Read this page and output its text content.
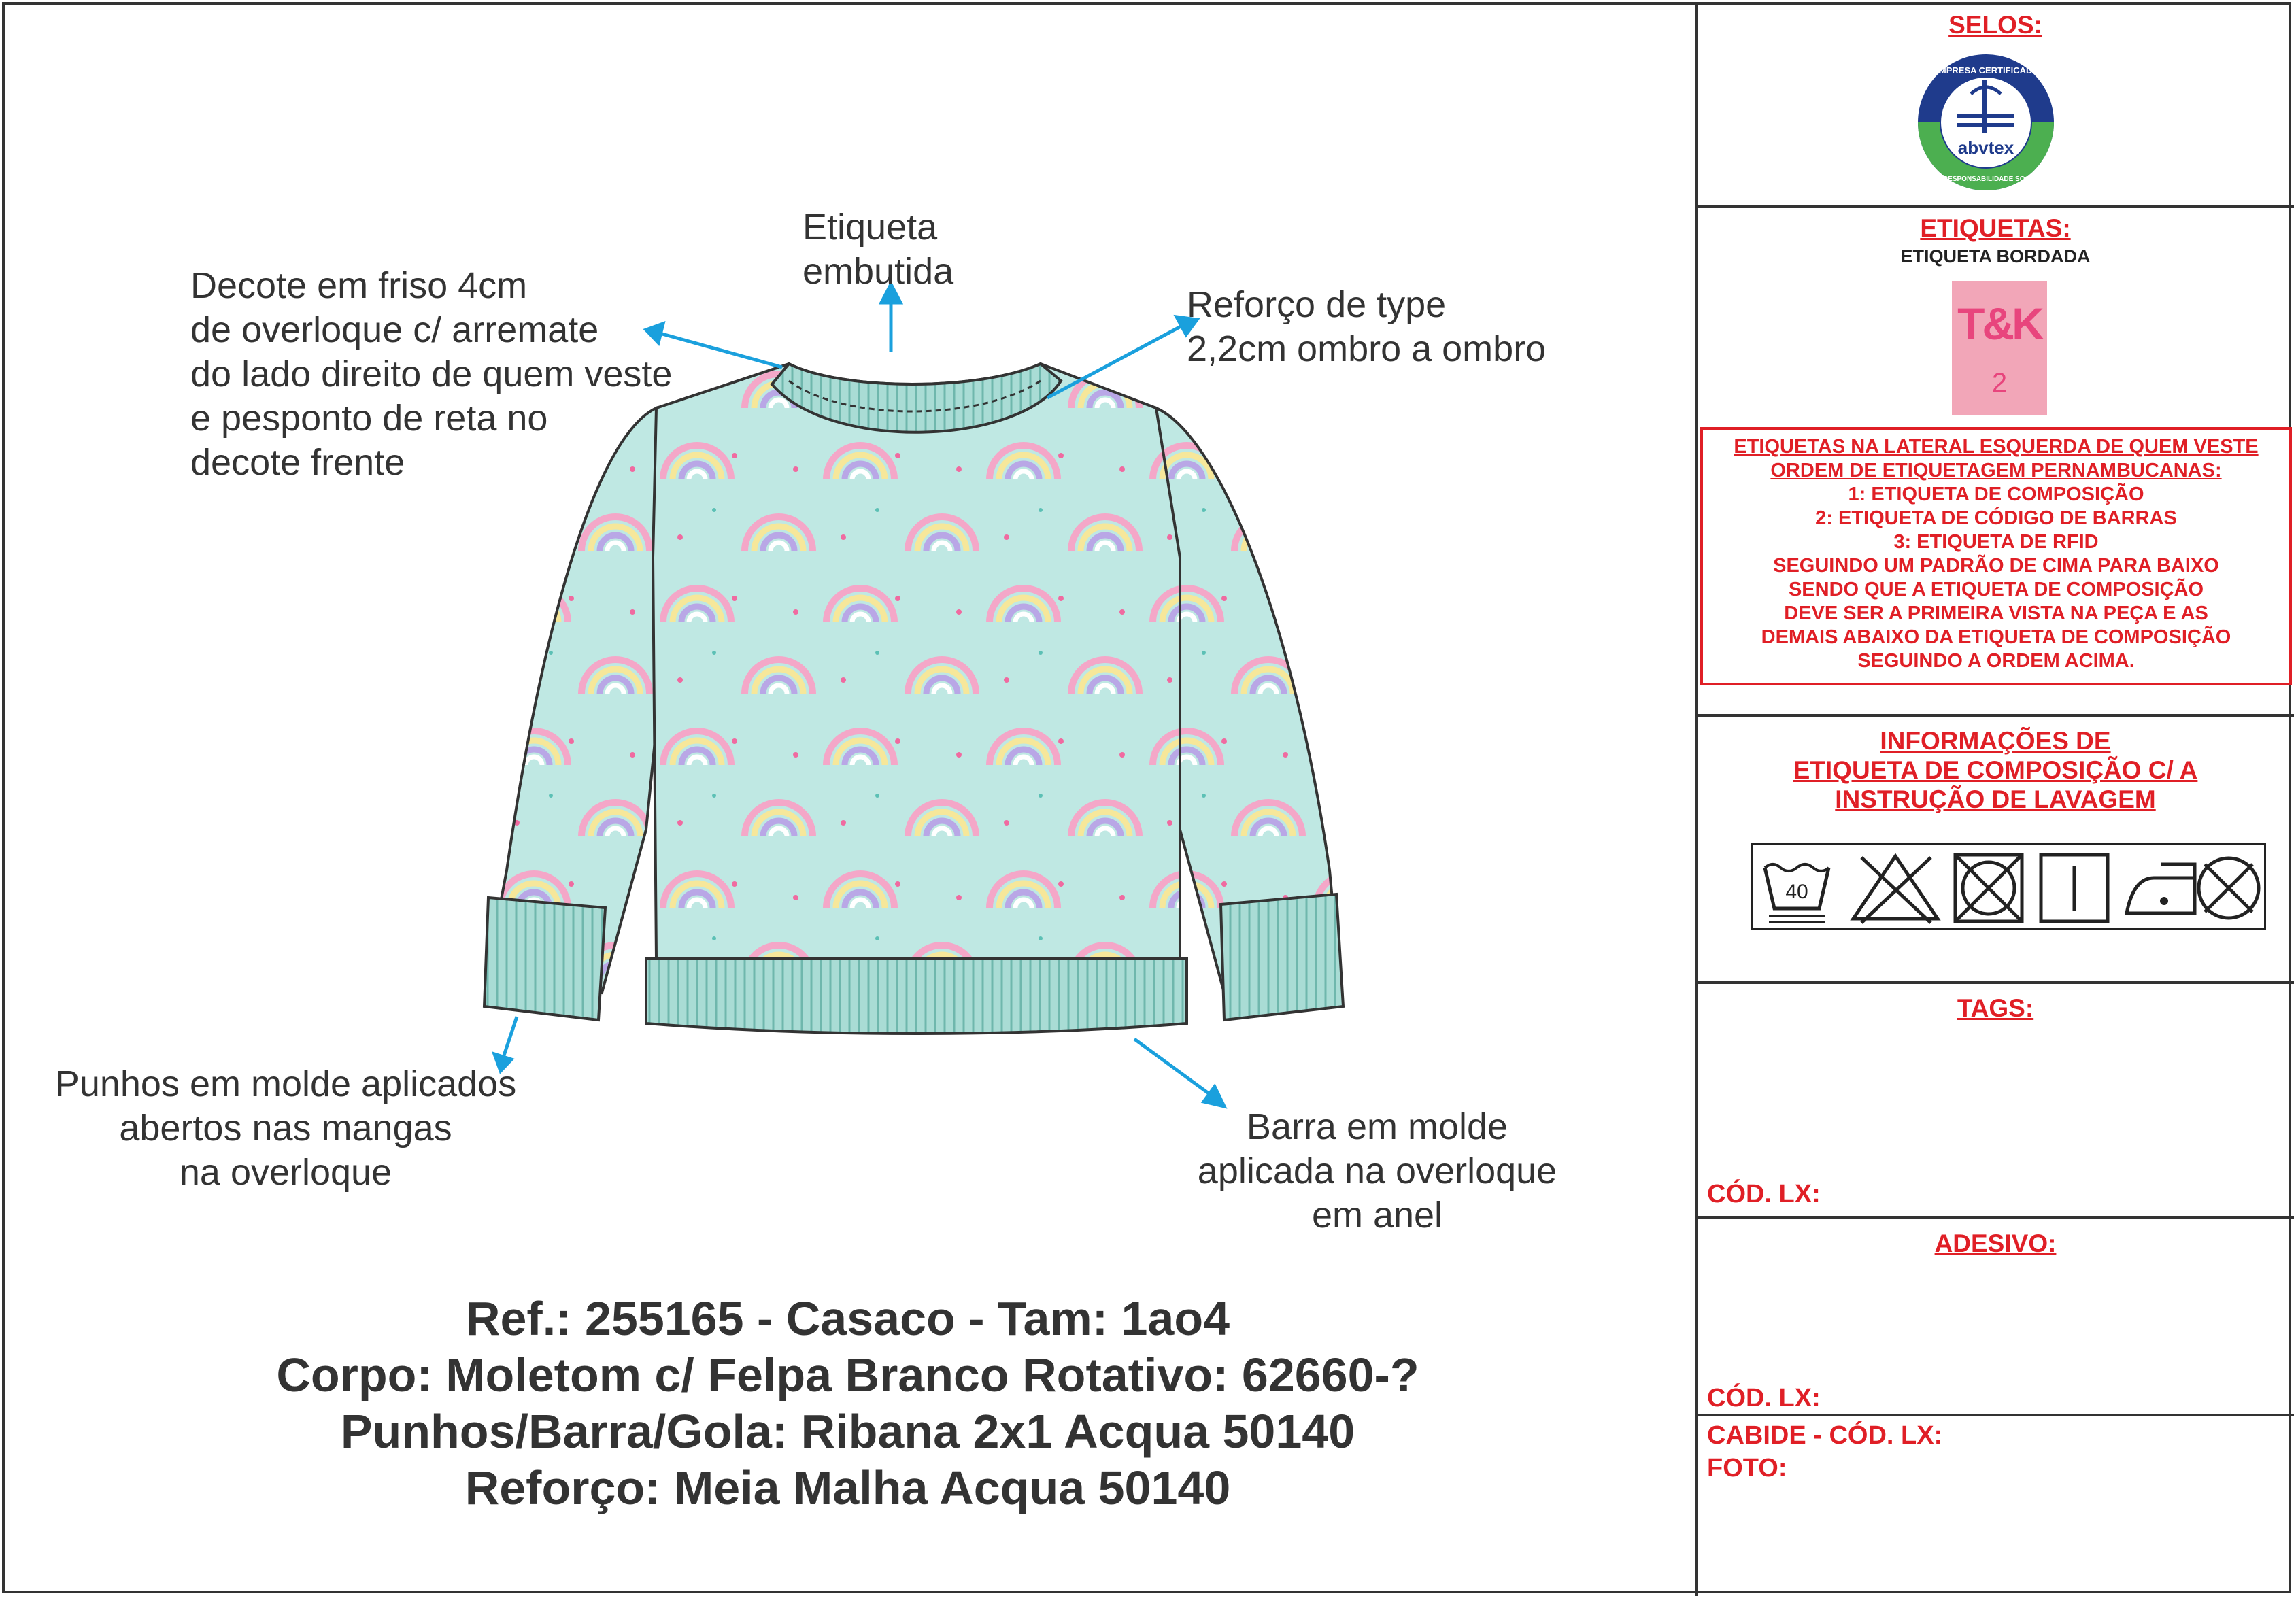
Etiqueta
embutida
Decote em friso 4cm
de overloque c/ arremate
do lado direito de quem veste
e pesponto de reta no
decote frente
Reforço de type
2,2cm ombro a ombro
Punhos em molde aplicados
abertos nas mangas
na overloque
Barra em molde
aplicada na overloque
em anel
Ref.: 255165 - Casaco - Tam: 1ao4
Corpo: Moletom c/ Felpa Branco Rotativo: 62660-?
Punhos/Barra/Gola: Ribana 2x1 Acqua 50140
Reforço: Meia Malha Acqua 50140
SELOS:
abvtex
EMPRESA CERTIFICADA
EM RESPONSABILIDADE SOCIAL
ETIQUETAS:
ETIQUETA BORDADA
T&K
2
ETIQUETAS NA LATERAL ESQUERDA DE QUEM VESTE
ORDEM DE ETIQUETAGEM PERNAMBUCANAS:
1: ETIQUETA DE COMPOSIÇÃO
2: ETIQUETA DE CÓDIGO DE BARRAS
3: ETIQUETA DE RFID
SEGUINDO UM PADRÃO DE CIMA PARA BAIXO
SENDO QUE A ETIQUETA DE COMPOSIÇÃO
DEVE SER A PRIMEIRA VISTA NA PEÇA E AS
DEMAIS ABAIXO DA ETIQUETA DE COMPOSIÇÃO
SEGUINDO A ORDEM ACIMA.
INFORMAÇÕES DE
ETIQUETA DE COMPOSIÇÃO C/ A
INSTRUÇÃO DE LAVAGEM
40
TAGS:
CÓD. LX:
ADESIVO:
CÓD. LX:
CABIDE - CÓD. LX:
FOTO:
